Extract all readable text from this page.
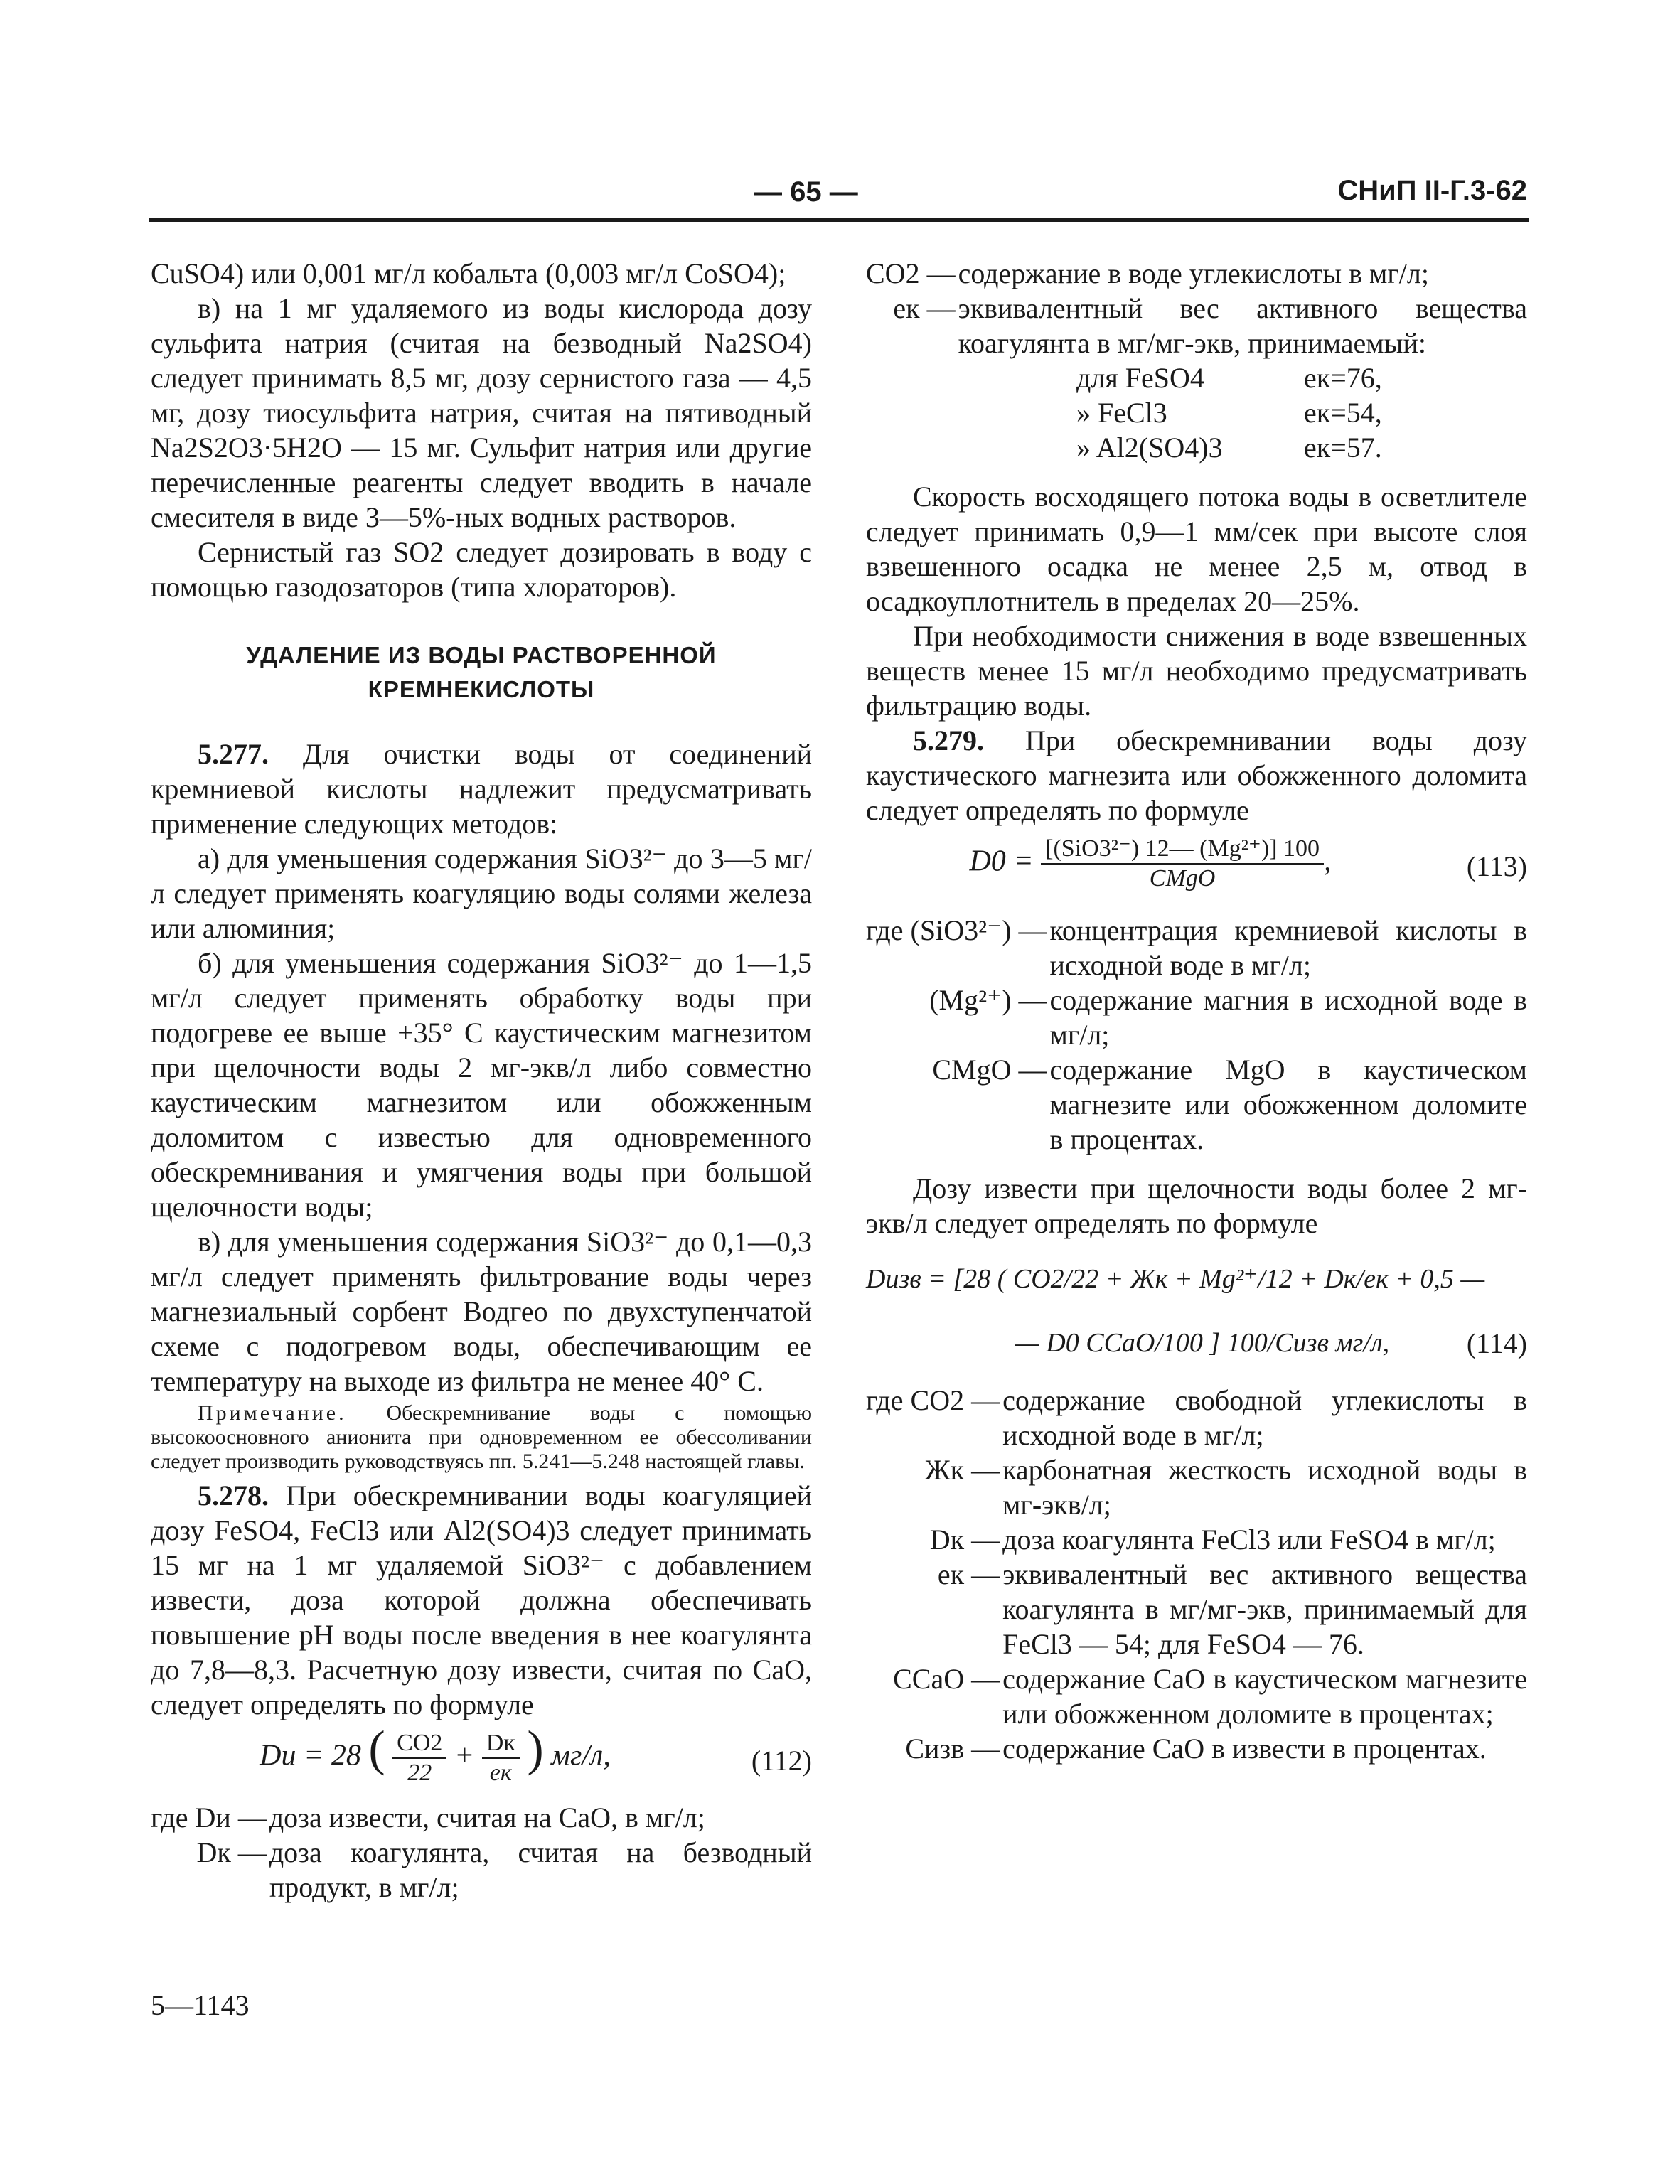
— 65 —	СНиП II-Г.3-62

CuSO4) или 0,001 мг/л кобальта (0,003 мг/л CoSO4);

в) на 1 мг удаляемого из воды кислорода дозу сульфита натрия (считая на безводный Na2SO4) следует принимать 8,5 мг, дозу сернистого газа — 4,5 мг, дозу тиосульфита натрия, считая на пятиводный Na2S2O3·5H2O — 15 мг. Сульфит натрия или другие перечисленные реагенты следует вводить в начале смесителя в виде 3—5%-ных водных растворов.

Сернистый газ SO2 следует дозировать в воду с помощью газодозаторов (типа хлораторов).

УДАЛЕНИЕ ИЗ ВОДЫ РАСТВОРЕННОЙ КРЕМНЕКИСЛОТЫ

5.277. Для очистки воды от соединений кремниевой кислоты надлежит предусматривать применение следующих методов:

а) для уменьшения содержания SiO3²⁻ до 3—5 мг/л следует применять коагуляцию воды солями железа или алюминия;

б) для уменьшения содержания SiO3²⁻ до 1—1,5 мг/л следует применять обработку воды при подогреве ее выше +35° С каустическим магнезитом при щелочности воды 2 мг-экв/л либо совместно каустическим магнезитом или обожженным доломитом с известью для одновременного обескремнивания и умягчения воды при большой щелочности воды;

в) для уменьшения содержания SiO3²⁻ до 0,1—0,3 мг/л следует применять фильтрование воды через магнезиальный сорбент Водгео по двухступенчатой схеме с подогревом воды, обеспечивающим ее температуру на выходе из фильтра не менее 40° С.

Примечание. Обескремнивание воды с помощью высокоосновного анионита при одновременном ее обессоливании следует производить руководствуясь пп. 5.241—5.248 настоящей главы.

5.278. При обескремнивании воды коагуляцией дозу FeSO4, FeCl3 или Al2(SO4)3 следует принимать 15 мг на 1 мг удаляемой SiO3²⁻ с добавлением извести, доза которой должна обеспечивать повышение pH воды после введения в нее коагулянта до 7,8—8,3. Расчетную дозу извести, считая по CaO, следует определять по формуле

Dи = 28 ( $\frac{CO2}{22} + \frac{Dк}{eк}$ ) мг/л,	(112)
где Dи — доза извести, считая на CaO, в мг/л;
Dк — доза коагулянта, считая на безводный продукт, в мг/л;
CO2 — содержание в воде углекислоты в мг/л;
eк — эквивалентный вес активного вещества коагулянта в мг/мг-экв, принимаемый:
для FeSO4	eк=76,
» FeCl3	eк=54,
» Al2(SO4)3	eк=57.

Скорость восходящего потока воды в осветлителе следует принимать 0,9—1 мм/сек при высоте слоя взвешенного осадка не менее 2,5 м, отвод в осадкоуплотнитель в пределах 20—25%.

При необходимости снижения в воде взвешенных веществ менее 15 мг/л необходимо предусматривать фильтрацию воды.

5.279. При обескремнивании воды дозу каустического магнезита или обожженного доломита следует определять по формуле

$D0 = \frac{\text{[(SiO3²⁻) 12— (Mg²⁺)] 100}}{\text{CMgO}}$ ,	(113)
где (SiO3²⁻) — концентрация кремниевой кислоты в исходной воде в мг/л;
(Mg²⁺) — содержание магния в исходной воде в мг/л;
CMgO — содержание MgO в каустическом магнезите или обожженном доломите в процентах.

Дозу извести при щелочности воды более 2 мг-экв/л следует определять по формуле

Dизв = [28 ( CO2/22 + Жк + Mg²⁺/12 + Dк/eк + 0,5 —
— D0 CCaO/100 ] 100/Cизв мг/л,	(114)
где CO2 — содержание свободной углекислоты в исходной воде в мг/л;
Жк — карбонатная жесткость исходной воды в мг-экв/л;
Dк — доза коагулянта FeCl3 или FeSO4 в мг/л;
eк — эквивалентный вес активного вещества коагулянта в мг/мг-экв, принимаемый для FeCl3 — 54; для FeSO4 — 76.
CCaO — содержание CaO в каустическом магнезите или обожженном доломите в процентах;
Cизв — содержание CaO в извести в процентах.
5—1143
